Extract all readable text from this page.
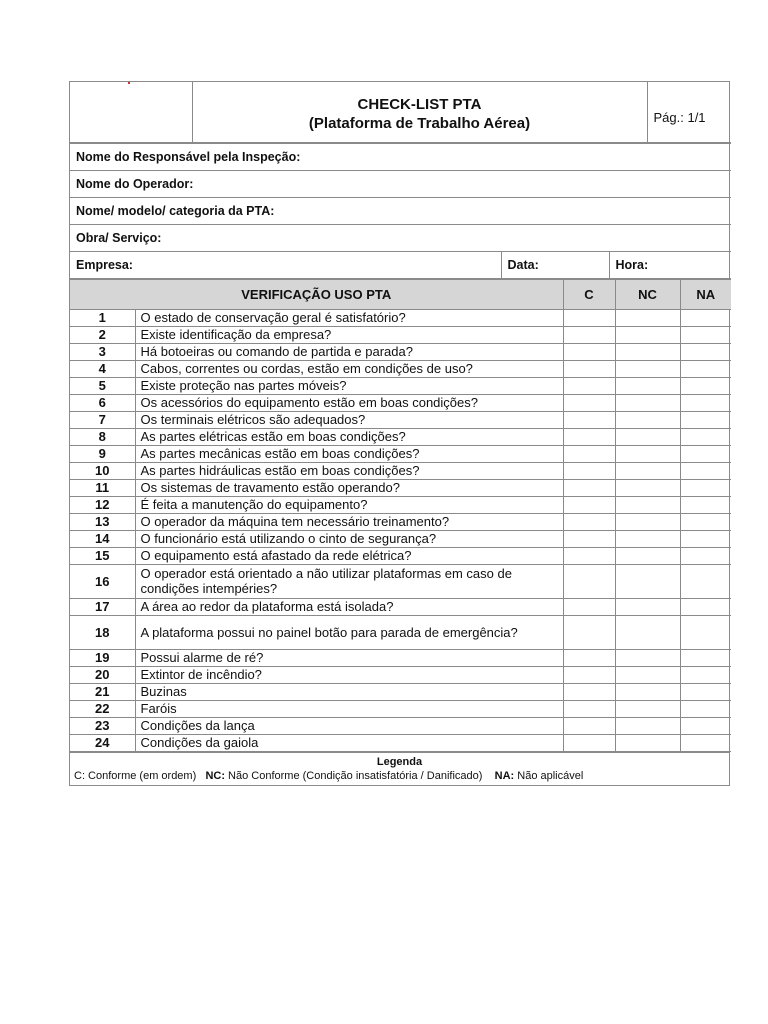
CHECK-LIST PTA
(Plataforma de Trabalho Aérea)	Pág.: 1/1
Nome do Responsável pela Inspeção:
Nome do Operador:
Nome/ modelo/ categoria da PTA:
Obra/ Serviço:
Empresa:	Data:	Hora:
VERIFICAÇÃO USO PTA		C	NC	NA
1	O estado de conservação geral é satisfatório?			
2	Existe identificação da empresa?			
3	Há botoeiras ou comando de partida e parada?			
4	Cabos, correntes ou cordas, estão em condições de uso?			
5	Existe proteção nas partes móveis?			
6	Os acessórios do equipamento estão em boas condições?			
7	Os terminais elétricos são adequados?			
8	As partes elétricas estão em boas condições?			
9	As partes mecânicas estão em boas condições?			
10	As partes hidráulicas estão em boas condições?			
11	Os sistemas de travamento estão operando?			
12	É feita a manutenção do equipamento?			
13	O operador da máquina tem necessário treinamento?			
14	O funcionário está utilizando o cinto de segurança?			
15	O equipamento está afastado da rede elétrica?			
16	O operador está orientado a não utilizar plataformas em caso de condições intempéries?			
17	A área ao redor da plataforma está isolada?			
18	A plataforma possui no painel botão para parada de emergência?			
19	Possui alarme de ré?			
20	Extintor de incêndio?			
21	Buzinas			
22	Faróis			
23	Condições da lança			
24	Condições da gaiola			
Legenda
C: Conforme (em ordem) NC: Não Conforme (Condição insatisfatória / Danificado) NA: Não aplicável
